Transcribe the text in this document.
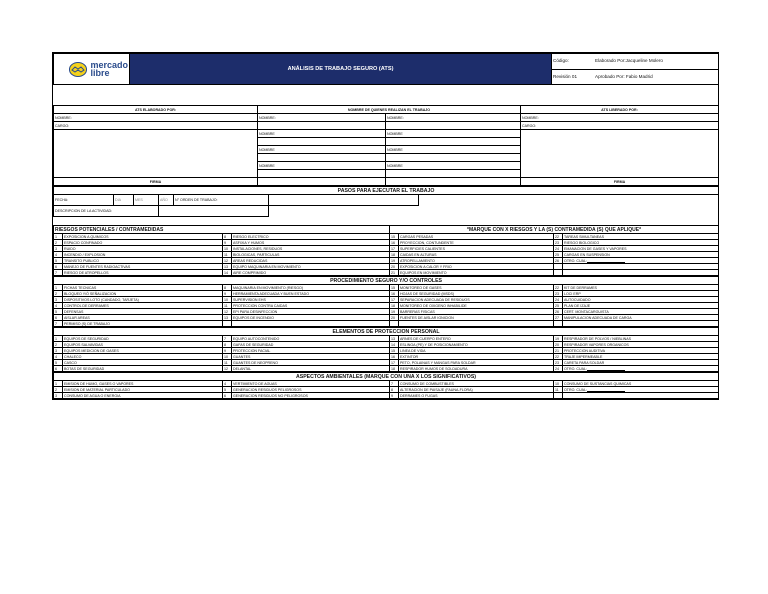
mercado
libre	ANÁLISIS DE TRABAJO SEGURO (ATS)	
Código:	Elaborado Por:Jacqueline Molero

Revisión 01	Aprobado Por: Fabio Madrid
ATS ELABORADO POR:	NOMBRE DE QUIENES REALIZAN EL TRABAJO		ATS LIBERADO POR:
NOMBRE:	NOMBRE:	NOMBRE:	NOMBRE:
CARGO:			CARGO:
	NOMBRE	NOMBRE	

	NOMBRE	NOMBRE	

	NOMBRE	NOMBRE	

FIRMA			FIRMA
PASOS PARA EJECUTAR EL TRABAJO						
FECHA:	DIA	MES	AÑO	N° ORDEN DE TRABAJO:		
DESCRIPCION DE LA ACTIVIDAD:						

RIESGOS POTENCIALES / CONTRAMEDIDAS				*MARQUE CON X RIESGOS Y LA (S) CONTRAMEDIDA (S) QUE APLIQUE*			
1	EXPOSICION A QUIMICOS	8	RIESGO ELECTRICO	15	CARGAS PESADAS	22	TAREAS SIMULTANEAS
2	ESPACIO CONFINADO	9	ASFIXIA Y HUMOS	16	PROYECCION, CONTUNDENTE	23	RIESGO BIOLOGICO
3	RUIDO	10	INSTALACIONES, RESIDUOS	17	SUPERFICIES CALIENTES	24	EMANACION DE GASES Y VAPORES
4	INCENDIO / EXPLOSION	11	BIOLOGICAS, PARTICULAS	18	CAIDAS EN ALTURAS	25	CARGAS EN SUSPENSION
5	TRANSITO PUBLICO	12	AREAS REDUCIDAS	19	ATROPELLAMIENTO	26	OTRO. CUAL:
6	MANEJO DE FUENTES RADIOACTIVAS	13	EQUIPO MAQUINARIA EN MOVIMIENTO	20	EXPOSICION A CALOR Y FRIO		
7	RIESGO DE ATROPELLOS	14	AIRE COMPRIMIDO	21	EQUIPOS EN MOVIMIENTO		
PROCEDIMIENTO SEGURO Y/O CONTROLES							
1	FICHAS TECNICAS	8	MAQUINARIA EN MOVIMIENTO (RIESGO)	15	MONITOREO DE GASES	22	KIT DE DERRAMES
2	BLOQUEO Y/Ó SEÑALIZACION	9	HERRAMIENTA ADECUADA Y BUEN ESTADO	16	HOJAS DE SEGURIDAD (MSDS)	23	LOCI ERP
3	DISPOSITIVOS LOTO (CANDADO, TARJETA)	10	SUPERVISION EHS	17	SEPARACION ADECUADA DE RESIDUOS	24	AUTOCUIDADO
4	CONTROL DE DERRAMES	11	PROTECCION CONTRA CAIDAS	18	MONITOREO DE OXIGENO INHABILIDE	25	PLAN DE IZAJE
5	DEFENSAS	12	EPI PARA DESINFECCION	19	BARRERAS FISICAS	26	CERT. MONTACARGUISTA
6	AISLAR AREAS	13	EQUIPOS DE INCENDIO	20	FUENTES DE AISLAR IGNICION	27	MANIPULACION ADECUADA DE CARGA
7	PERMISO (S) DE TRABAJO						
ELEMENTOS DE PROTECCION PERSONAL							
1	EQUIPOS DE SEGURIDAD	7	EQUIPO AUTOCONTENIDO	13	ARNES DE CUERPO ENTERO	19	RESPIRADOR DE POLVOS / NIEBLINAS
2	EQUIPOS SALVAVIDAS	8	GAFAS DE SEGURIDAD	14	ESLINGA (PE) Y DE POSICIONAMIENTO	20	RESPIRADOR VAPORES ORGANICOS
3	EQUIPOS MEDICION DE GASES	9	PROTECCION FACIAL	15	LINEA DE VIDA	21	PROTECCION AUDITIVA
4	CHALECO	10	GUANTES	16	EXTINTOR	22	TRAJE IMPERMEABLE
5	CASCO	11	GUANTES DE NEOPRENO	17	PETO, POLAINAS Y MANGAS PARA SOLDAR	23	CARETA PARA SOLDAR
6	BOTAS DE SEGURIDAD	12	DELANTAL	18	RESPIRADOR HUMOS DE SOLDADURA	24	OTRO. CUAL:
ASPECTOS AMBIENTALES (MARQUE CON UNA X LOS SIGNIFICATIVOS)							
1	EMISION DE HUMO, GASES O VAPORES	4	VERTIMIENTO DE AGUAS	7	CONSUMO DE COMBUSTIBLES	10	CONSUMO DE SUSTANCIAS QUIMICAS
2	EMISION DE MATERIAL PARTICULADO	5	GENERACION RESIDUOS PELIGROSOS	8	ALTERACION DE PAISAJE (FAUNA-FLORA)	11	OTRO. CUAL:
3	CONSUMO DE AGUA O ENERGIA	6	GENERACION RESIDUOS NO PELIGROSOS	9	DERRAMES O FUGAS		
